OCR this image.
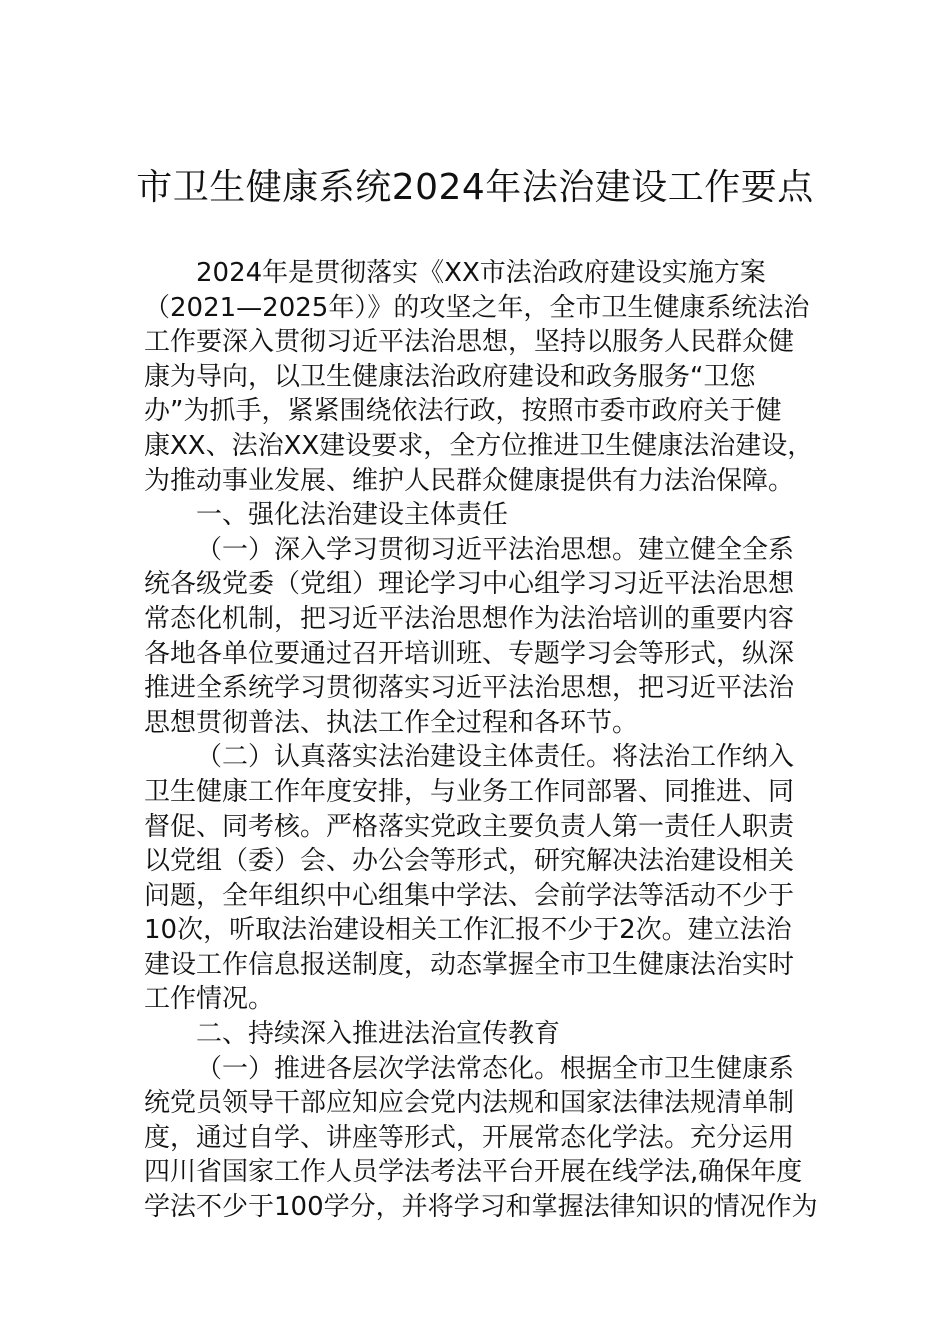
市卫生健康系统2024年法治建设工作要点
2024年是贯彻落实《XX市法治政府建设实施方案
（2021—2025年）》的攻坚之年，全市卫生健康系统法治
工作要深入贯彻习近平法治思想，坚持以服务人民群众健
康为导向，以卫生健康法治政府建设和政务服务“卫您
办”为抓手，紧紧围绕依法行政，按照市委市政府关于健
康XX、法治XX建设要求，全方位推进卫生健康法治建设，
为推动事业发展、维护人民群众健康提供有力法治保障。
一、强化法治建设主体责任
（一）深入学习贯彻习近平法治思想。建立健全全系
统各级党委（党组）理论学习中心组学习习近平法治思想
常态化机制，把习近平法治思想作为法治培训的重要内容
各地各单位要通过召开培训班、专题学习会等形式，纵深
推进全系统学习贯彻落实习近平法治思想，把习近平法治
思想贯彻普法、执法工作全过程和各环节。
（二）认真落实法治建设主体责任。将法治工作纳入
卫生健康工作年度安排，与业务工作同部署、同推进、同
督促、同考核。严格落实党政主要负责人第一责任人职责
以党组（委）会、办公会等形式，研究解决法治建设相关
问题，全年组织中心组集中学法、会前学法等活动不少于
10次，听取法治建设相关工作汇报不少于2次。建立法治
建设工作信息报送制度，动态掌握全市卫生健康法治实时
工作情况。
二、持续深入推进法治宣传教育
（一）推进各层次学法常态化。根据全市卫生健康系
统党员领导干部应知应会党内法规和国家法律法规清单制
度，通过自学、讲座等形式，开展常态化学法。充分运用
四川省国家工作人员学法考法平台开展在线学法,确保年度
学法不少于100学分，并将学习和掌握法律知识的情况作为
